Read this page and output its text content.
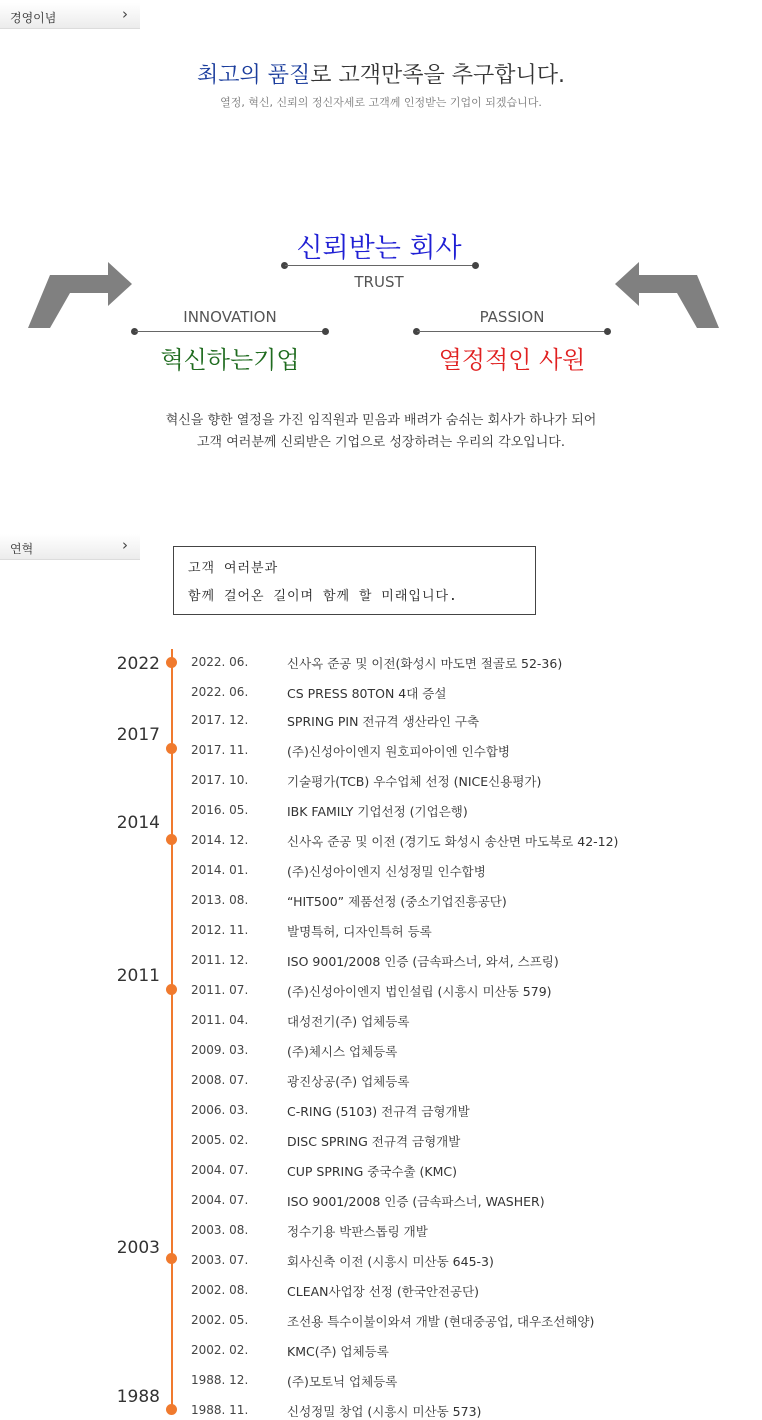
경영이념	›
최고의 품질로 고객만족을 추구합니다.
열정, 혁신, 신뢰의 정신자세로 고객께 인정받는 기업이 되겠습니다.
신뢰받는 회사
TRUST
INNOVATION
혁신하는기업
PASSION
열정적인 사원
혁신을 향한 열정을 가진 임직원과 믿음과 배려가 숨쉬는 회사가 하나가 되어
고객 여러분께 신뢰받은 기업으로 성장하려는 우리의 각오입니다.
연혁	›
고객 여러분과
함께 걸어온 길이며 함께 할 미래입니다.
2022
2017
2014
2011
2003
1988
2022. 06.	신사옥 준공 및 이전(화성시 마도면 절골로 52-36)
2022. 06.	CS PRESS 80TON 4대 증설
2017. 12.	SPRING PIN 전규격 생산라인 구축
2017. 11.	(주)신성아이엔지 원호피아이엔 인수합병
2017. 10.	기술평가(TCB) 우수업체 선정 (NICE신용평가)
2016. 05.	IBK FAMILY 기업선정 (기업은행)
2014. 12.	신사옥 준공 및 이전 (경기도 화성시 송산면 마도북로 42-12)
2014. 01.	(주)신성아이엔지 신성정밀 인수합병
2013. 08.	“HIT500” 제품선정 (중소기업진흥공단)
2012. 11.	발명특허, 디자인특허 등록
2011. 12.	ISO 9001/2008 인증 (금속파스너, 와셔, 스프링)
2011. 07.	(주)신성아이엔지 법인설립 (시흥시 미산동 579)
2011. 04.	대성전기(주) 업체등록
2009. 03.	(주)체시스 업체등록
2008. 07.	광진상공(주) 업체등록
2006. 03.	C-RING (5103) 전규격 금형개발
2005. 02.	DISC SPRING 전규격 금형개발
2004. 07.	CUP SPRING 중국수출 (KMC)
2004. 07.	ISO 9001/2008 인증 (금속파스너, WASHER)
2003. 08.	정수기용 박판스톱링 개발
2003. 07.	회사신축 이전 (시흥시 미산동 645-3)
2002. 08.	CLEAN사업장 선정 (한국안전공단)
2002. 05.	조선용 특수이불이와셔 개발 (현대중공업, 대우조선해양)
2002. 02.	KMC(주) 업체등록
1988. 12.	(주)모토닉 업체등록
1988. 11.	신성정밀 창업 (시흥시 미산동 573)
